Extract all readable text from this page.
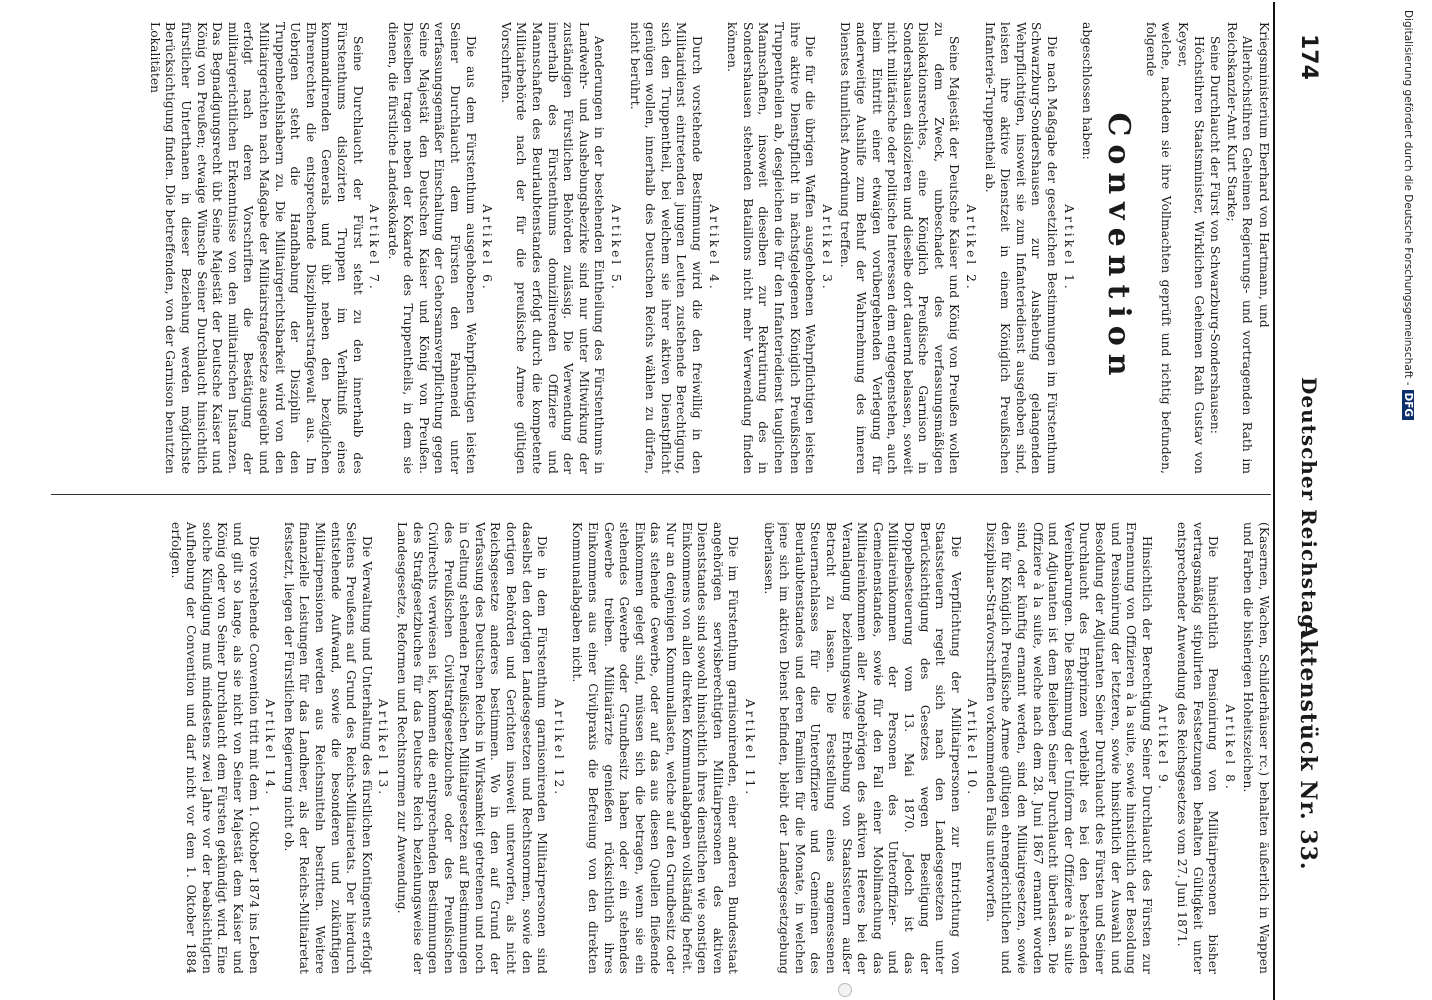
174
Deutscher Reichstag.
Aktenstück Nr. 33.

Kriegsministerium Eberhard von Hartmann, und

Allerhöchstihren Geheimen Regierungs- und vortragenden Rath im Reichskanzler-Amt Kurt Starke;

Seine Durchlaucht der Fürst von Schwarzburg-Sondershausen:

Höchstihren Staatsminister, Wirklichen Geheimen Rath Gustav von Keyser,

welche, nachdem sie ihre Vollmachten geprüft und richtig befunden, folgende

Convention

abgeschlossen haben:

Artikel 1.

Die nach Maßgabe der gesetzlichen Bestimmungen im Fürstenthum Schwarzburg-Sondershausen zur Aushebung gelangenden Wehrpflichtigen, insoweit sie zum Infanteriedienst ausgehoben sind, leisten ihre aktive Dienstzeit in einem Königlich Preußischen Infanterie-Truppentheil ab.

Artikel 2.

Seine Majestät der Deutsche Kaiser und König von Preußen wollen zu dem Zweck, unbeschadet des verfassungsmäßigen Dislokationsrechtes, eine Königlich Preußische Garnison in Sondershausen dislozieren und dieselbe dort dauernd belassen, soweit nicht militärische oder politische Interessen dem entgegenstehen, auch beim Eintritt einer etwaigen vorübergehenden Verlegung für anderweitige Aushilfe zum Behuf der Wahrnehmung des inneren Dienstes thunlichst Anordnung treffen.

Artikel 3.

Die für die übrigen Waffen ausgehobenen Wehrpflichtigen leisten ihre aktive Dienstpflicht in nächstgelegenen Königlich Preußischen Truppentheilen ab, desgleichen die für den Infanteriedienst tauglichen Mannschaften, insoweit dieselben zur Rekrutirung des in Sondershausen stehenden Bataillons nicht mehr Verwendung finden können.

Artikel 4.

Durch vorstehende Bestimmung wird die den freiwillig in den Militairdienst eintretenden jungen Leuten zustehende Berechtigung, sich den Truppentheil, bei welchem sie ihrer aktiven Dienstpflicht genügen wollen, innerhalb des Deutschen Reichs wählen zu dürfen, nicht berührt.

Artikel 5.

Aenderungen in der bestehenden Eintheilung des Fürstenthums in Landwehr- und Aushebungsbezirke sind nur unter Mitwirkung der zuständigen Fürstlichen Behörden zulässig. Die Verwendung der innerhalb des Fürstenthums domizilirenden Offiziere und Mannschaften des Beurlaubtenstandes erfolgt durch die kompetente Militairbehörde nach der für die preußische Armee gültigen Vorschriften.

Artikel 6.

Die aus dem Fürstenthum ausgehobenen Wehrpflichtigen leisten Seiner Durchlaucht dem Fürsten den Fahneneid unter verfassungsgemäßer Einschaltung der Gehorsamsverpflichtung gegen Seine Majestät den Deutschen Kaiser und König von Preußen. Dieselben tragen neben der Kokarde des Truppentheils, in dem sie dienen, die fürstliche Landeskokarde.

Artikel 7.

Seine Durchlaucht der Fürst steht zu den innerhalb des Fürstenthums dislozirten Truppen im Verhältniß eines kommandirenden Generals und übt neben den bezüglichen Ehrenrechten die entsprechende Disziplinarstrafgewalt aus. Im Uebrigen steht die Handhabung der Disziplin den Truppenbefehlshabern zu. Die Militairgerichtsbarkeit wird von den Militairgerichten nach Maßgabe der Militairstrafgesetze ausgeübt und erfolgt nach deren Vorschriften die Bestätigung der militairgerichtlichen Erkenntnisse von den militairischen Instanzen. Das Begnadigungsrecht übt Seine Majestät der Deutsche Kaiser und König von Preußen; etwaige Wünsche Seiner Durchlaucht hinsichtlich fürstlicher Unterthanen in dieser Beziehung werden möglichste Berücksichtigung finden. Die betreffenden, von der Garnison benutzten Lokalitäten

(Kasernen, Wachen, Schilderhäuser rc.) behalten äußerlich in Wappen und Farben die bisherigen Hoheitszeichen.

Artikel 8.

Die hinsichtlich Pensionirung von Militairpersonen bisher vertragsmäßig stipulirten Festsetzungen behalten Gültigkeit unter entsprechender Anwendung des Reichsgesetzes vom 27. Juni 1871.

Artikel 9.

Hinsichtlich der Berechtigung Seiner Durchlaucht des Fürsten zur Ernennung von Offizieren à la suite, sowie hinsichtlich der Besoldung und Pensionirung der letzteren, sowie hinsichtlich der Auswahl und Besoldung der Adjutanten Seiner Durchlaucht des Fürsten und Seiner Durchlaucht des Erbprinzen verbleibt es bei den bestehenden Vereinbarungen. Die Bestimmung der Uniform der Offiziere à la suite und Adjutanten ist dem Belieben Seiner Durchlaucht überlassen. Die Offiziere à la suite, welche nach dem 28. Juni 1867 ernannt worden sind, oder künftig ernannt werden, sind den Militairgesetzen, sowie den für Königlich Preußische Armee gültigen ehrengerichtlichen und Disziplinar-Strafvorschriften vorkommenden Falls unterworfen.

Artikel 10.

Die Verpflichtung der Militairpersonen zur Entrichtung von Staatssteuern regelt sich nach den Landesgesetzen unter Berücksichtigung des Gesetzes wegen Beseitigung der Doppelbesteuerung vom 13. Mai 1870. Jedoch ist das Militaireinkommen der Personen des Unteroffizier- und Gemeinenstandes, sowie für den Fall einer Mobilmachung das Militaireinkommen aller Angehörigen des aktiven Heeres bei der Veranlagung beziehungsweise Erhebung von Staatssteuern außer Betracht zu lassen. Die Feststellung eines angemessenen Steuernachlasses für die Unteroffiziere und Gemeinen des Beurlaubtenstandes und deren Familien für die Monate, in welchen jene sich im aktiven Dienst befinden, bleibt der Landesgesetzgebung überlassen.

Artikel 11.

Die im Fürstenthum garnisonirenden, einer anderen Bundesstaat angehörigen servisberechtigten Militairpersonen des aktiven Dienststandes sind sowohl hinsichtlich ihres dienstlichen wie sonstigen Einkommens von allen direkten Kommunalabgaben vollständig befreit. Nur an denjenigen Kommunallasten, welche auf den Grundbesitz oder das stehende Gewerbe, oder auf das aus diesen Quellen fließende Einkommen gelegt sind, müssen sich die betragen, wenn sie ein stehendes Gewerbe oder Grundbesitz haben oder ein stehendes Gewerbe treiben. Militairärzte genießen rücksichtlich ihres Einkommens aus einer Civilpraxis die Befreiung von den direkten Kommunalabgaben nicht.

Artikel 12.

Die in dem Fürstenthum garnisonirenden Militairpersonen sind daselbst den dortigen Landesgesetzen und Rechtsnormen, sowie den dortigen Behörden und Gerichten insoweit unterworfen, als nicht Reichsgesetze anderes bestimmen. Wo in den auf Grund der Verfassung des Deutschen Reichs in Wirksamkeit getretenen und noch in Geltung stehenden Preußischen Militairgesetzen auf Bestimmungen des Preußischen Civilstrafgesetzbuches oder des Preußischen Civilrechts verwiesen ist, kommen die entsprechenden Bestimmungen des Strafgesetzbuches für das Deutsche Reich beziehungsweise der Landesgesetze, Reformen und Rechtsnormen zur Anwendung.

Artikel 13.

Die Verwaltung und Unterhaltung des fürstlichen Kontingents erfolgt Seitens Preußens auf Grund des Reichs-Militairetats. Der hierdurch entstehende Aufwand, sowie die besonderen und zukünftigen Militairpensionen werden aus Reichsmitteln bestritten. Weitere finanzielle Leistungen für das Landheer, als der Reichs-Militairetat festsetzt, liegen der Fürstlichen Regierung nicht ob.

Artikel 14.

Die vorstehende Convention tritt mit dem 1. Oktober 1874 ins Leben und gilt so lange, als sie nicht von Seiner Majestät dem Kaiser und König oder von Seiner Durchlaucht dem Fürsten gekündigt wird. Eine solche Kündigung muß mindestens zwei Jahre vor der beabsichtigten Aufhebung der Convention und darf nicht vor dem 1. Oktober 1884 erfolgen.

Digitalisierung gefördert durch die Deutsche Forschungsgemeinschaft -DFG
